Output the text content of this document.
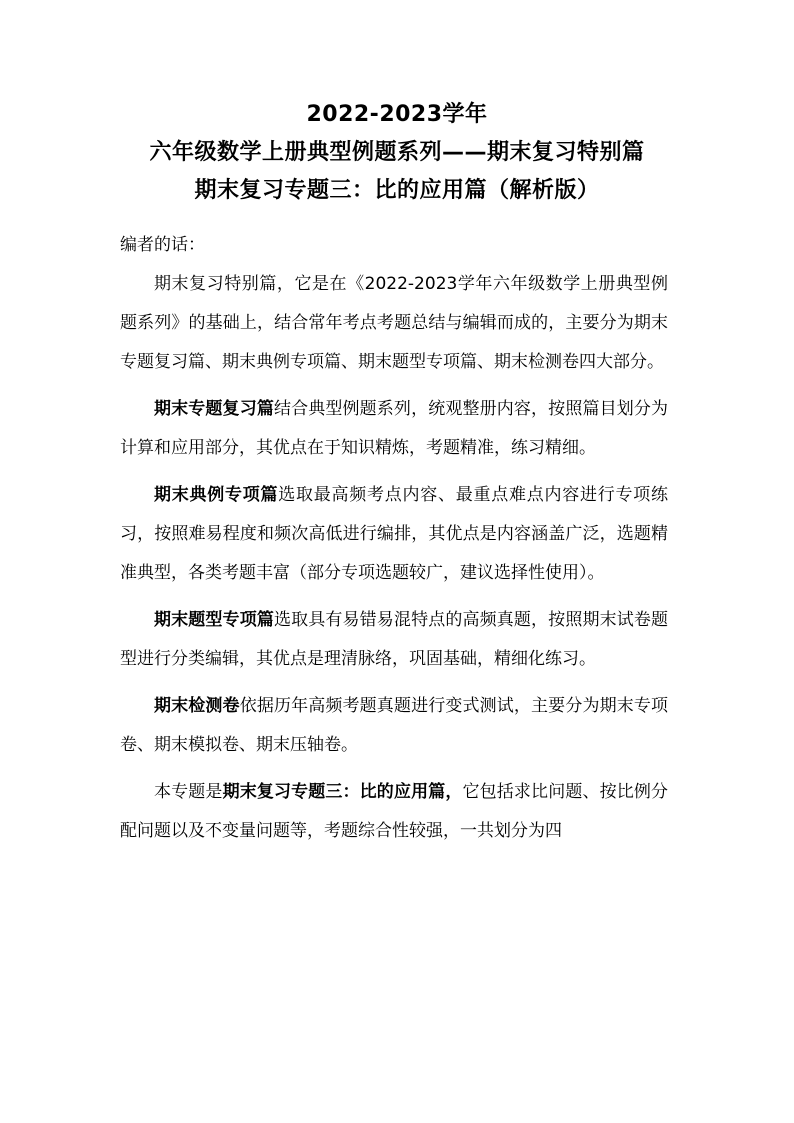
2022-2023学年
六年级数学上册典型例题系列——期末复习特别篇
期末复习专题三：比的应用篇（解析版）

编者的话：

期末复习特别篇，它是在《2022-2023学年六年级数学上册典型例题系列》的基础上，结合常年考点考题总结与编辑而成的，主要分为期末专题复习篇、期末典例专项篇、期末题型专项篇、期末检测卷四大部分。

期末专题复习篇结合典型例题系列，统观整册内容，按照篇目划分为计算和应用部分，其优点在于知识精炼，考题精准，练习精细。

期末典例专项篇选取最高频考点内容、最重点难点内容进行专项练习，按照难易程度和频次高低进行编排，其优点是内容涵盖广泛，选题精准典型，各类考题丰富（部分专项选题较广，建议选择性使用）。

期末题型专项篇选取具有易错易混特点的高频真题，按照期末试卷题型进行分类编辑，其优点是理清脉络，巩固基础，精细化练习。

期末检测卷依据历年高频考题真题进行变式测试，主要分为期末专项卷、期末模拟卷、期末压轴卷。

本专题是期末复习专题三：比的应用篇，它包括求比问题、按比例分配问题以及不变量问题等，考题综合性较强，一共划分为四
